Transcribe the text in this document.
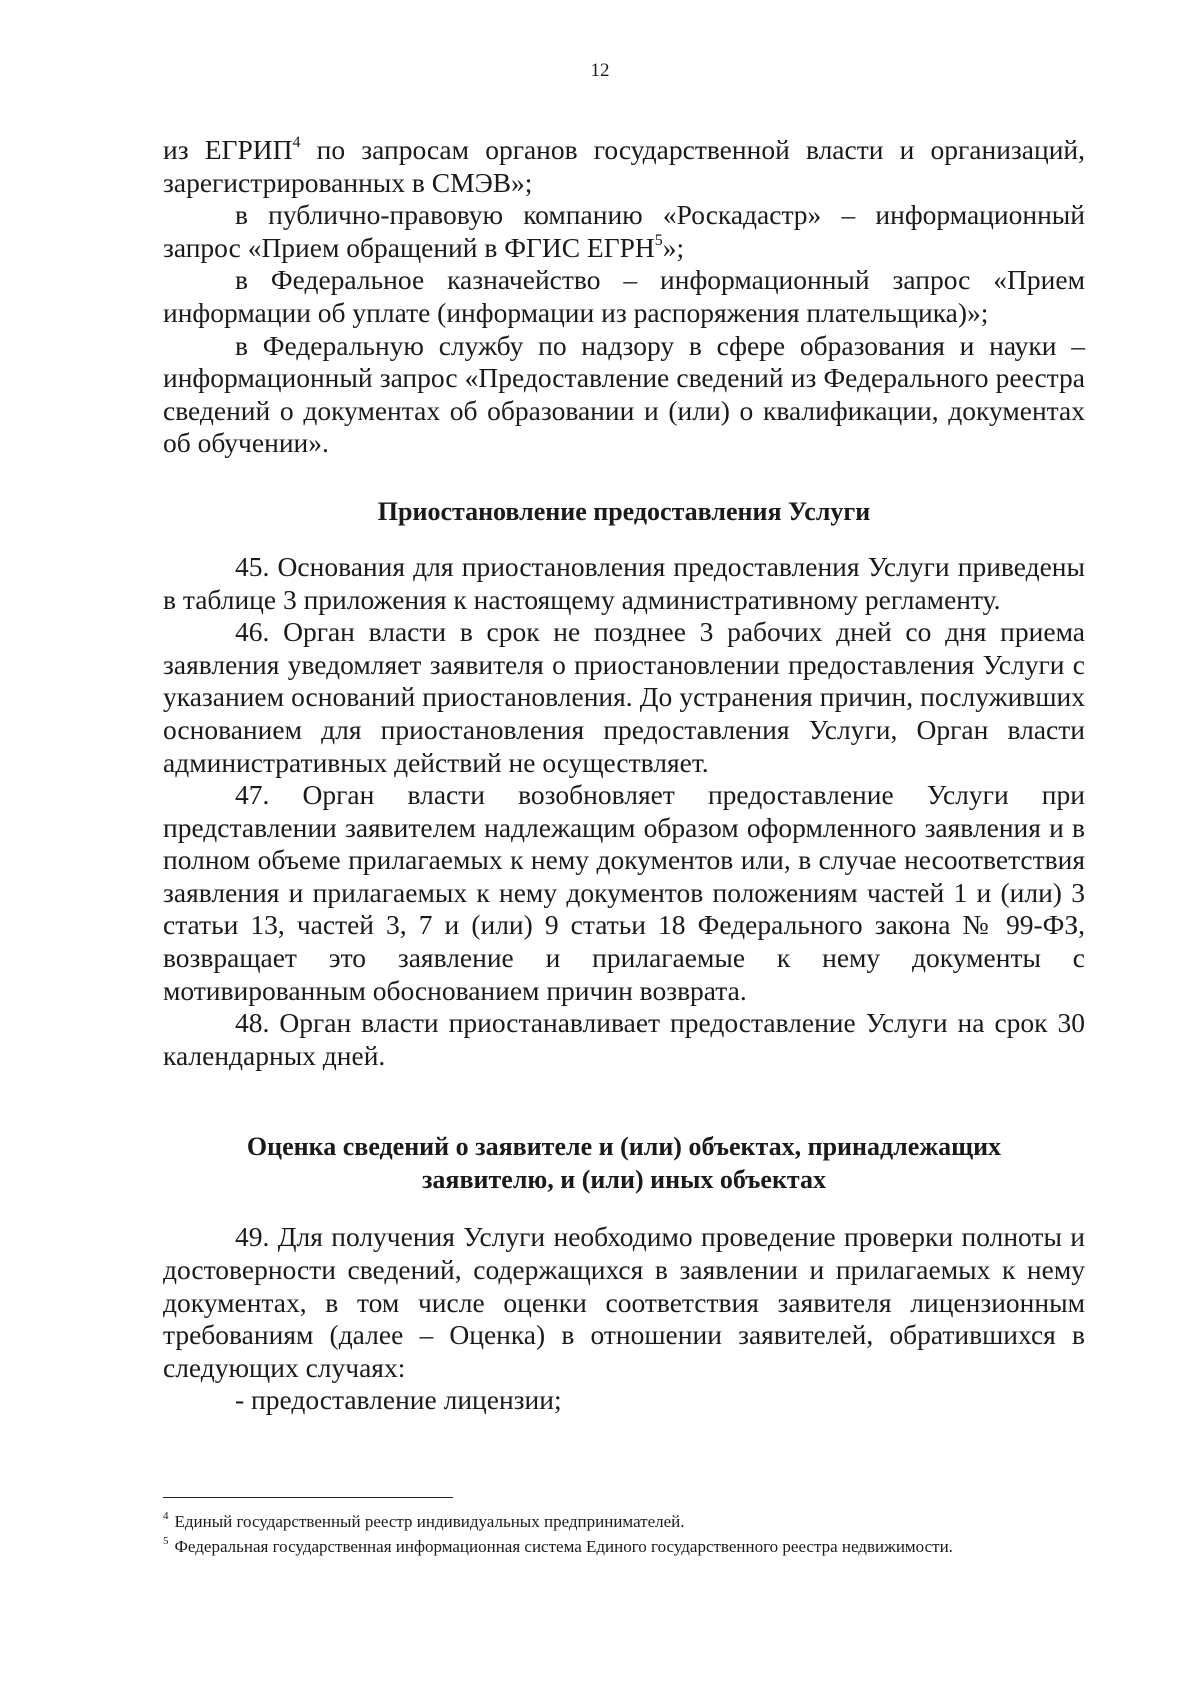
12

из ЕГРИП$^4$ по запросам органов государственной власти и организаций, зарегистрированных в СМЭВ»;

в публично-правовую компанию «Роскадастр» – информационный запрос «Прием обращений в ФГИС ЕГРН$^5$»;

в Федеральное казначейство – информационный запрос «Прием информации об уплате (информации из распоряжения плательщика)»;

в Федеральную службу по надзору в сфере образования и науки – информационный запрос «Предоставление сведений из Федерального реестра сведений о документах об образовании и (или) о квалификации, документах об обучении».

Приостановление предоставления Услуги

45. Основания для приостановления предоставления Услуги приведены в таблице 3 приложения к настоящему административному регламенту.

46. Орган власти в срок не позднее 3 рабочих дней со дня приема заявления уведомляет заявителя о приостановлении предоставления Услуги с указанием оснований приостановления. До устранения причин, послуживших основанием для приостановления предоставления Услуги, Орган власти административных действий не осуществляет.

47. Орган власти возобновляет предоставление Услуги при представлении заявителем надлежащим образом оформленного заявления и в полном объеме прилагаемых к нему документов или, в случае несоответствия заявления и прилагаемых к нему документов положениям частей 1 и (или) 3 статьи 13, частей 3, 7 и (или) 9 статьи 18 Федерального закона № 99-ФЗ, возвращает это заявление и прилагаемые к нему документы с мотивированным обоснованием причин возврата.

48. Орган власти приостанавливает предоставление Услуги на срок 30 календарных дней.

Оценка сведений о заявителе и (или) объектах, принадлежащих
заявителю, и (или) иных объектах

49. Для получения Услуги необходимо проведение проверки полноты и достоверности сведений, содержащихся в заявлении и прилагаемых к нему документах, в том числе оценки соответствия заявителя лицензионным требованиям (далее – Оценка) в отношении заявителей, обратившихся в следующих случаях:

- предоставление лицензии;

$^4$ Единый государственный реестр индивидуальных предпринимателей.
$^5$ Федеральная государственная информационная система Единого государственного реестра недвижимости.
